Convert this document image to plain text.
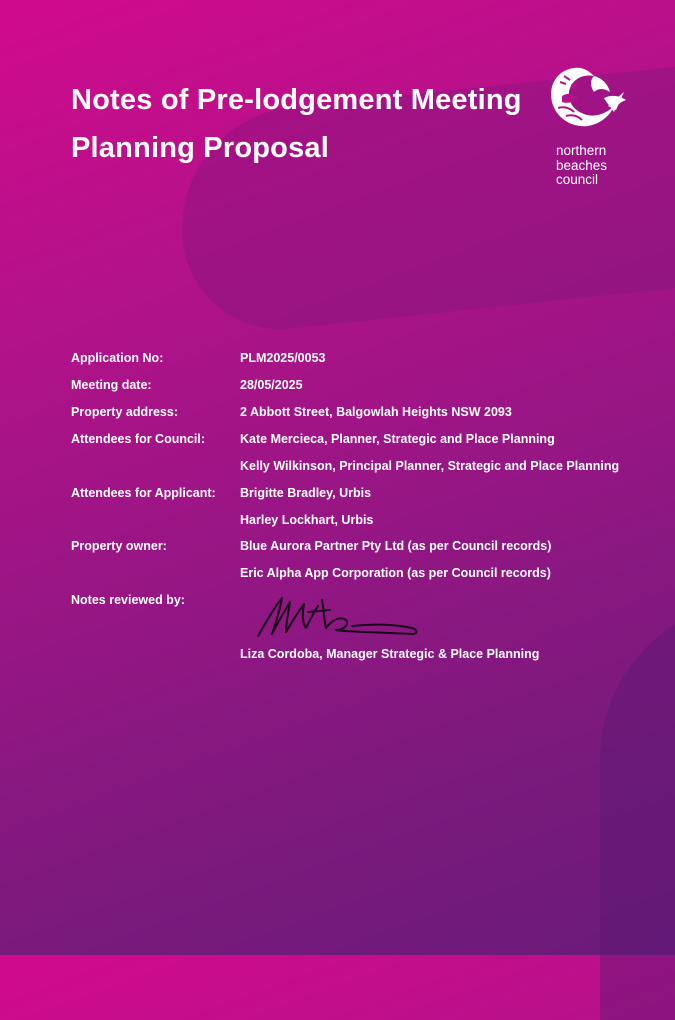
Notes of Pre-lodgement Meeting
Planning Proposal	northern
beaches
council
Application No:	PLM2025/0053
Meeting date:	28/05/2025
Property address:	2 Abbott Street, Balgowlah Heights NSW 2093
Attendees for Council:	Kate Mercieca, Planner, Strategic and Place Planning
Kelly Wilkinson, Principal Planner, Strategic and Place Planning
Attendees for Applicant: Brigitte Bradley, Urbis
Harley Lockhart, Urbis
Property owner:	Blue Aurora Partner Pty Ltd (as per Council records)
Eric Alpha App Corporation (as per Council records)
Notes reviewed by:
Liza Cordoba, Manager Strategic & Place Planning
